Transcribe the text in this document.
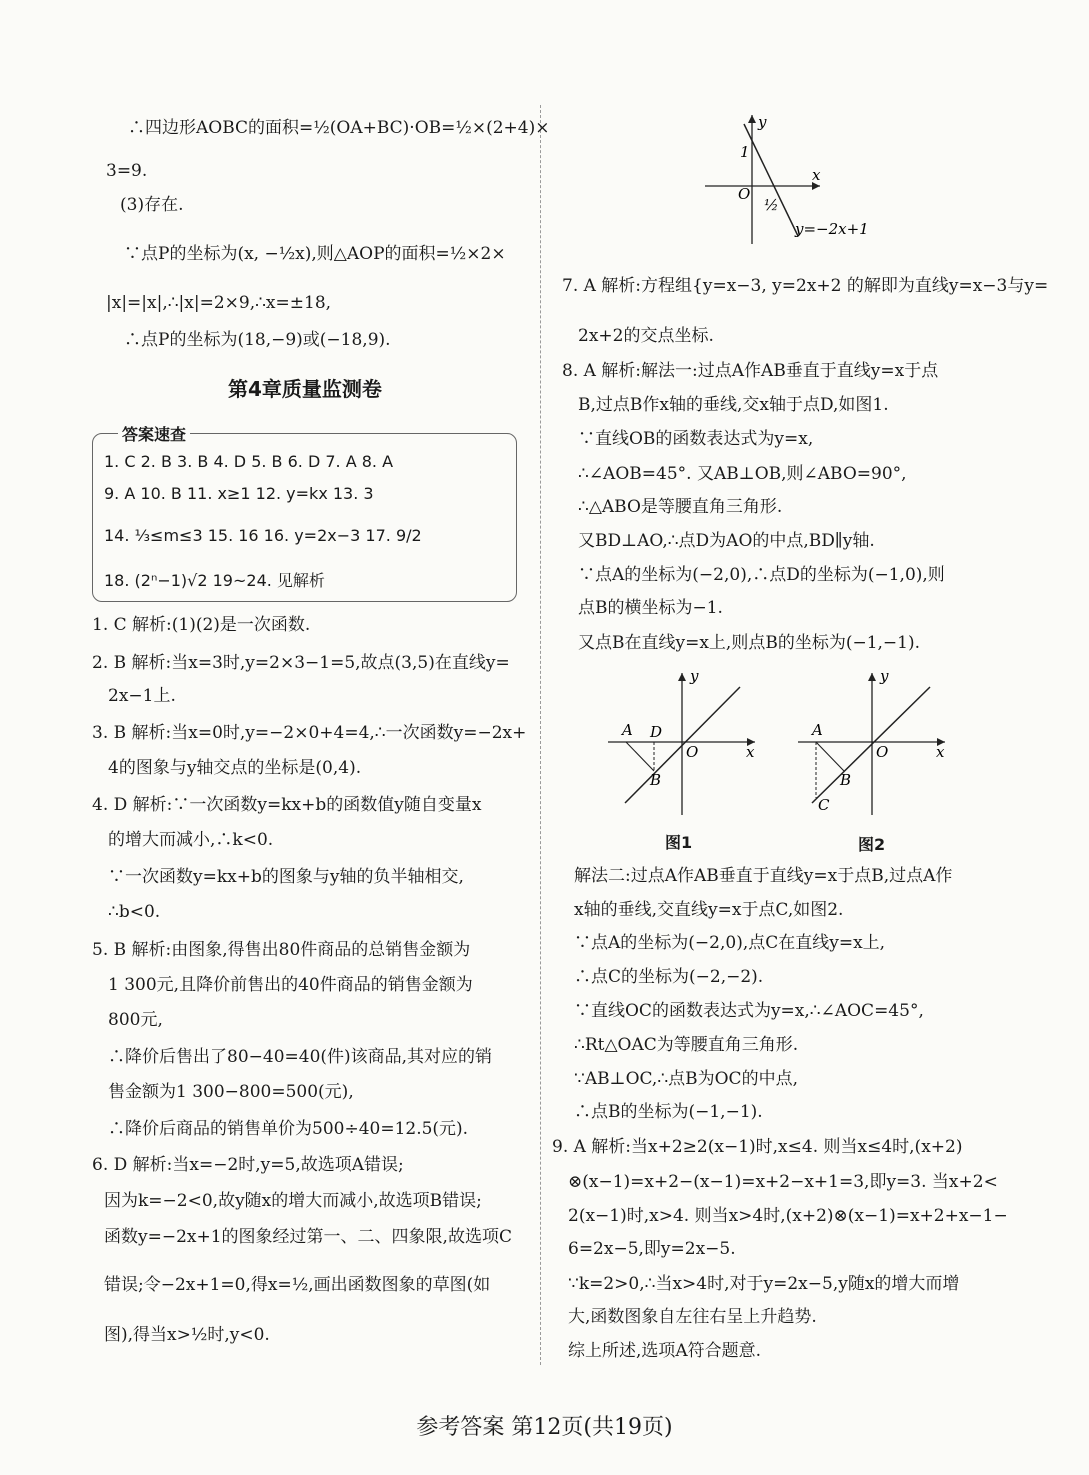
∴四边形AOBC的面积=½(OA+BC)·OB=½×(2+4)×
3=9.
(3)存在.
∵点P的坐标为(x, −½x),则△AOP的面积=½×2×
|x|=|x|,∴|x|=2×9,∴x=±18,
∴点P的坐标为(18,−9)或(−18,9).
第4章质量监测卷
答案速查
1. C 2. B 3. B 4. D 5. B 6. D 7. A 8. A
9. A 10. B 11. x≥1 12. y=kx 13. 3
14. ⅓≤m≤3 15. 16 16. y=2x−3 17. 9/2
18. (2ⁿ−1)√2 19~24. 见解析
1. C 解析:(1)(2)是一次函数.
2. B 解析:当x=3时,y=2×3−1=5,故点(3,5)在直线y=
2x−1上.
3. B 解析:当x=0时,y=−2×0+4=4,∴一次函数y=−2x+
4的图象与y轴交点的坐标是(0,4).
4. D 解析:∵一次函数y=kx+b的函数值y随自变量x
的增大而减小,∴k<0.
∵一次函数y=kx+b的图象与y轴的负半轴相交,
∴b<0.
5. B 解析:由图象,得售出80件商品的总销售金额为
1 300元,且降价前售出的40件商品的销售金额为
800元,
∴降价后售出了80−40=40(件)该商品,其对应的销
售金额为1 300−800=500(元),
∴降价后商品的销售单价为500÷40=12.5(元).
6. D 解析:当x=−2时,y=5,故选项A错误;
因为k=−2<0,故y随x的增大而减小,故选项B错误;
函数y=−2x+1的图象经过第一、二、四象限,故选项C
错误;令−2x+1=0,得x=½,画出函数图象的草图(如
图),得当x>½时,y<0.
y
x
O
1
½
y=−2x+1
7. A 解析:方程组{y=x−3, y=2x+2 的解即为直线y=x−3与y=
2x+2的交点坐标.
8. A 解析:解法一:过点A作AB垂直于直线y=x于点
B,过点B作x轴的垂线,交x轴于点D,如图1.
∵直线OB的函数表达式为y=x,
∴∠AOB=45°. 又AB⊥OB,则∠ABO=90°,
∴△ABO是等腰直角三角形.
又BD⊥AO,∴点D为AO的中点,BD∥y轴.
∵点A的坐标为(−2,0),∴点D的坐标为(−1,0),则
点B的横坐标为−1.
又点B在直线y=x上,则点B的坐标为(−1,−1).
A D
B
O	x
y
图1
A
B
C
O	x
y
图2
解法二:过点A作AB垂直于直线y=x于点B,过点A作
x轴的垂线,交直线y=x于点C,如图2.
∵点A的坐标为(−2,0),点C在直线y=x上,
∴点C的坐标为(−2,−2).
∵直线OC的函数表达式为y=x,∴∠AOC=45°,
∴Rt△OAC为等腰直角三角形.
∵AB⊥OC,∴点B为OC的中点,
∴点B的坐标为(−1,−1).
9. A 解析:当x+2≥2(x−1)时,x≤4. 则当x≤4时,(x+2)
⊗(x−1)=x+2−(x−1)=x+2−x+1=3,即y=3. 当x+2<
2(x−1)时,x>4. 则当x>4时,(x+2)⊗(x−1)=x+2+x−1−
6=2x−5,即y=2x−5.
∵k=2>0,∴当x>4时,对于y=2x−5,y随x的增大而增
大,函数图象自左往右呈上升趋势.
综上所述,选项A符合题意.
参考答案 第12页(共19页)
